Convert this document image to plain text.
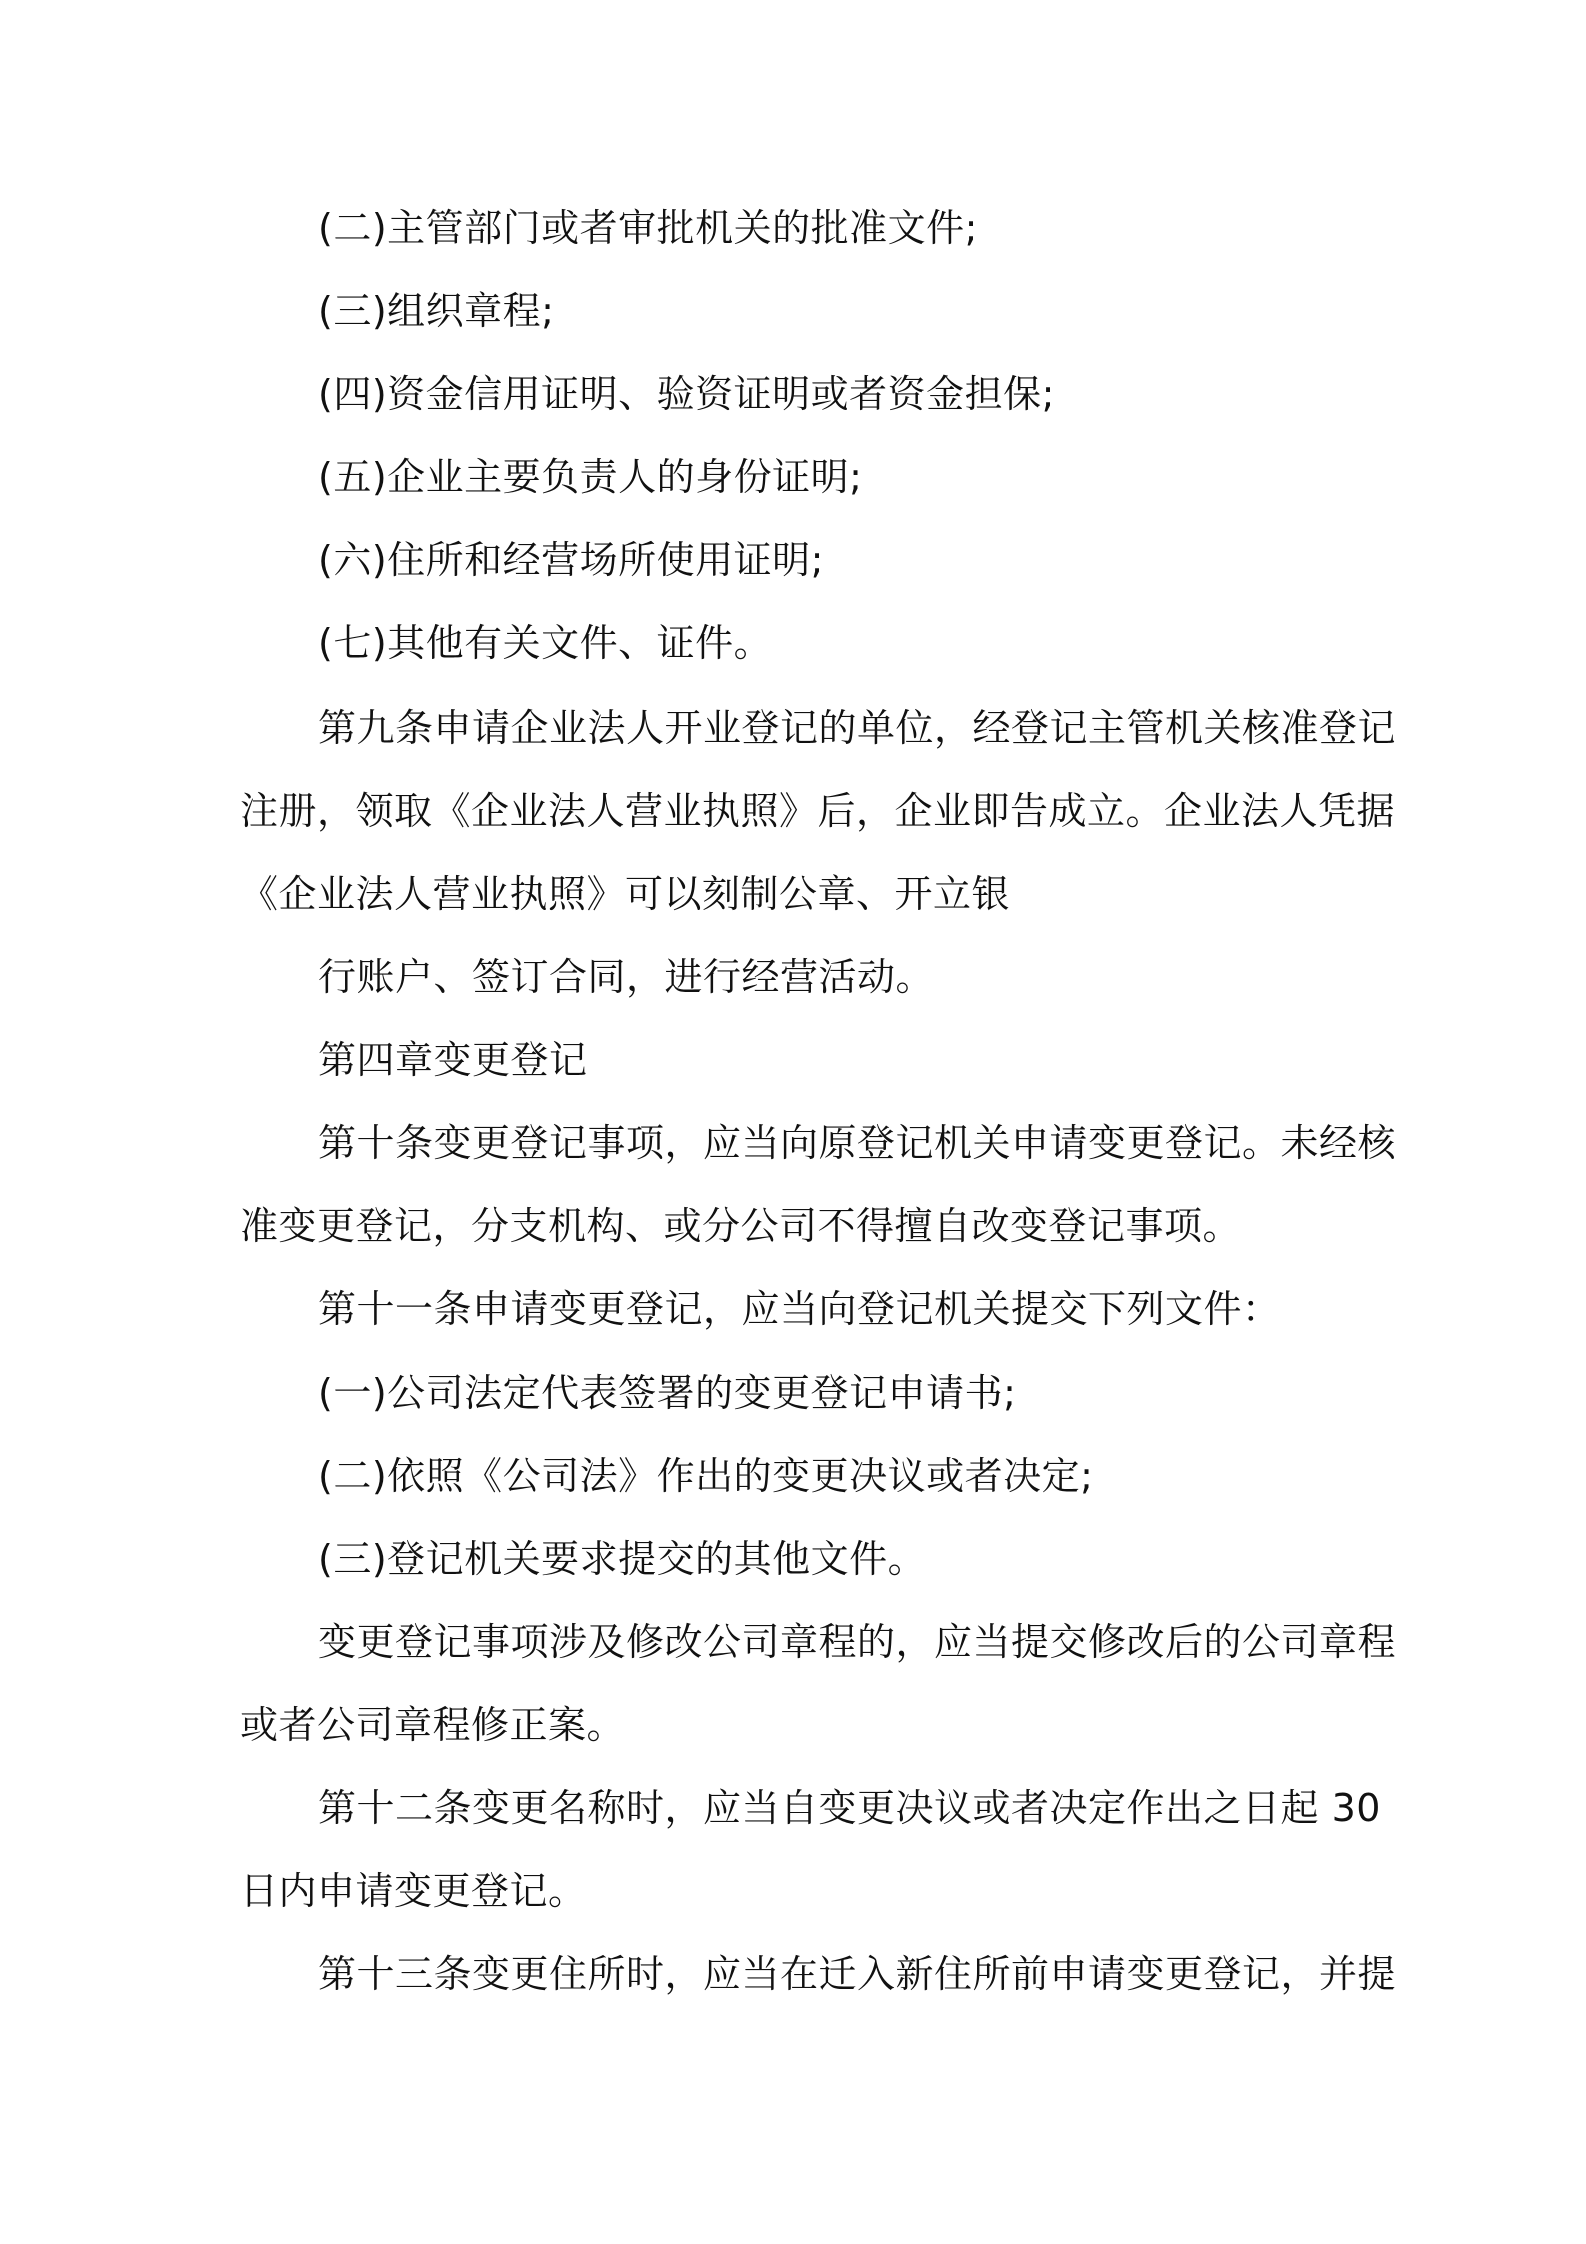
(二)主管部门或者审批机关的批准文件;

(三)组织章程;

(四)资金信用证明、验资证明或者资金担保;

(五)企业主要负责人的身份证明;

(六)住所和经营场所使用证明;

(七)其他有关文件、证件。

第九条申请企业法人开业登记的单位，经登记主管机关核准登记

注册，领取《企业法人营业执照》后，企业即告成立。企业法人凭据

《企业法人营业执照》可以刻制公章、开立银

行账户、签订合同，进行经营活动。

第四章变更登记

第十条变更登记事项，应当向原登记机关申请变更登记。未经核

准变更登记，分支机构、或分公司不得擅自改变登记事项。

第十一条申请变更登记，应当向登记机关提交下列文件：

(一)公司法定代表签署的变更登记申请书;

(二)依照《公司法》作出的变更决议或者决定;

(三)登记机关要求提交的其他文件。

变更登记事项涉及修改公司章程的，应当提交修改后的公司章程

或者公司章程修正案。

第十二条变更名称时，应当自变更决议或者决定作出之日起 30

日内申请变更登记。

第十三条变更住所时，应当在迁入新住所前申请变更登记，并提
